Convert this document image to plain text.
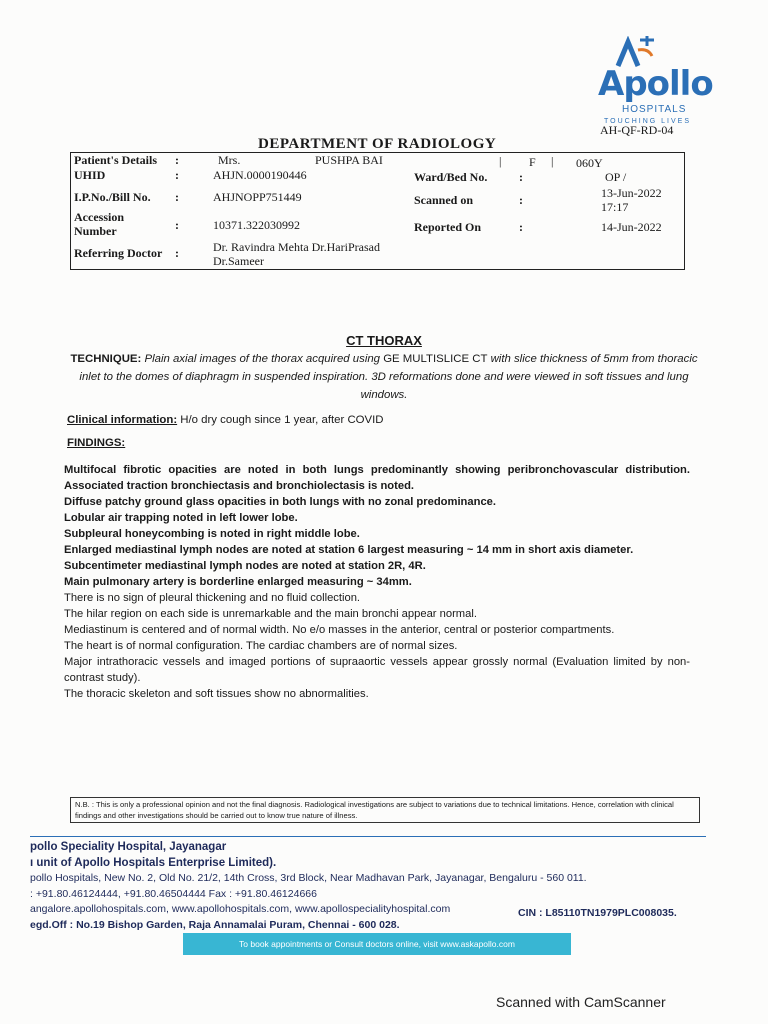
Apollo
HOSPITALS
TOUCHING LIVES
AH-QF-RD-04
DEPARTMENT OF RADIOLOGY
Patient's Details :	Mrs.	PUSHPA BAI	| F | 060Y
UHID	:	AHJN.0000190446	Ward/Bed No.	:	OP /
I.P.No./Bill No. :	AHJNOPP751449	Scanned on	:	13-Jun-2022
17:17
Accession
Number	:	10371.322030992	Reported On	:	14-Jun-2022
Referring Doctor :	Dr. Ravindra Mehta Dr.HariPrasad
Dr.Sameer
CT THORAX
TECHNIQUE: Plain axial images of the thorax acquired using GE MULTISLICE CT with slice thickness of 5mm from thoracic inlet to the domes of diaphragm in suspended inspiration. 3D reformations done and were viewed in soft tissues and lung windows.
Clinical information: H/o dry cough since 1 year, after COVID
FINDINGS:
Multifocal fibrotic opacities are noted in both lungs predominantly showing peribronchovascular distribution. Associated traction bronchiectasis and bronchiolectasis is noted.
Diffuse patchy ground glass opacities in both lungs with no zonal predominance.
Lobular air trapping noted in left lower lobe.
Subpleural honeycombing is noted in right middle lobe.
Enlarged mediastinal lymph nodes are noted at station 6 largest measuring ~ 14 mm in short axis diameter.
Subcentimeter mediastinal lymph nodes are noted at station 2R, 4R.
Main pulmonary artery is borderline enlarged measuring ~ 34mm.
There is no sign of pleural thickening and no fluid collection.
The hilar region on each side is unremarkable and the main bronchi appear normal.
Mediastinum is centered and of normal width. No e/o masses in the anterior, central or posterior compartments.
The heart is of normal configuration. The cardiac chambers are of normal sizes.
Major intrathoracic vessels and imaged portions of supraaortic vessels appear grossly normal (Evaluation limited by non-contrast study).
The thoracic skeleton and soft tissues show no abnormalities.
N.B. : This is only a professional opinion and not the final diagnosis. Radiological investigations are subject to variations due to technical limitations. Hence, correlation with clinical findings and other investigations should be carried out to know true nature of illness.
pollo Speciality Hospital, Jayanagar
ı unit of Apollo Hospitals Enterprise Limited).
pollo Hospitals, New No. 2, Old No. 21/2, 14th Cross, 3rd Block, Near Madhavan Park, Jayanagar, Bengaluru - 560 011.
: +91.80.46124444, +91.80.46504444 Fax : +91.80.46124666
angalore.apollohospitals.com, www.apollohospitals.com, www.apollospecialityhospital.com
egd.Off : No.19 Bishop Garden, Raja Annamalai Puram, Chennai - 600 028.
CIN : L85110TN1979PLC008035.
To book appointments or Consult doctors online, visit www.askapollo.com
Scanned with CamScanner
